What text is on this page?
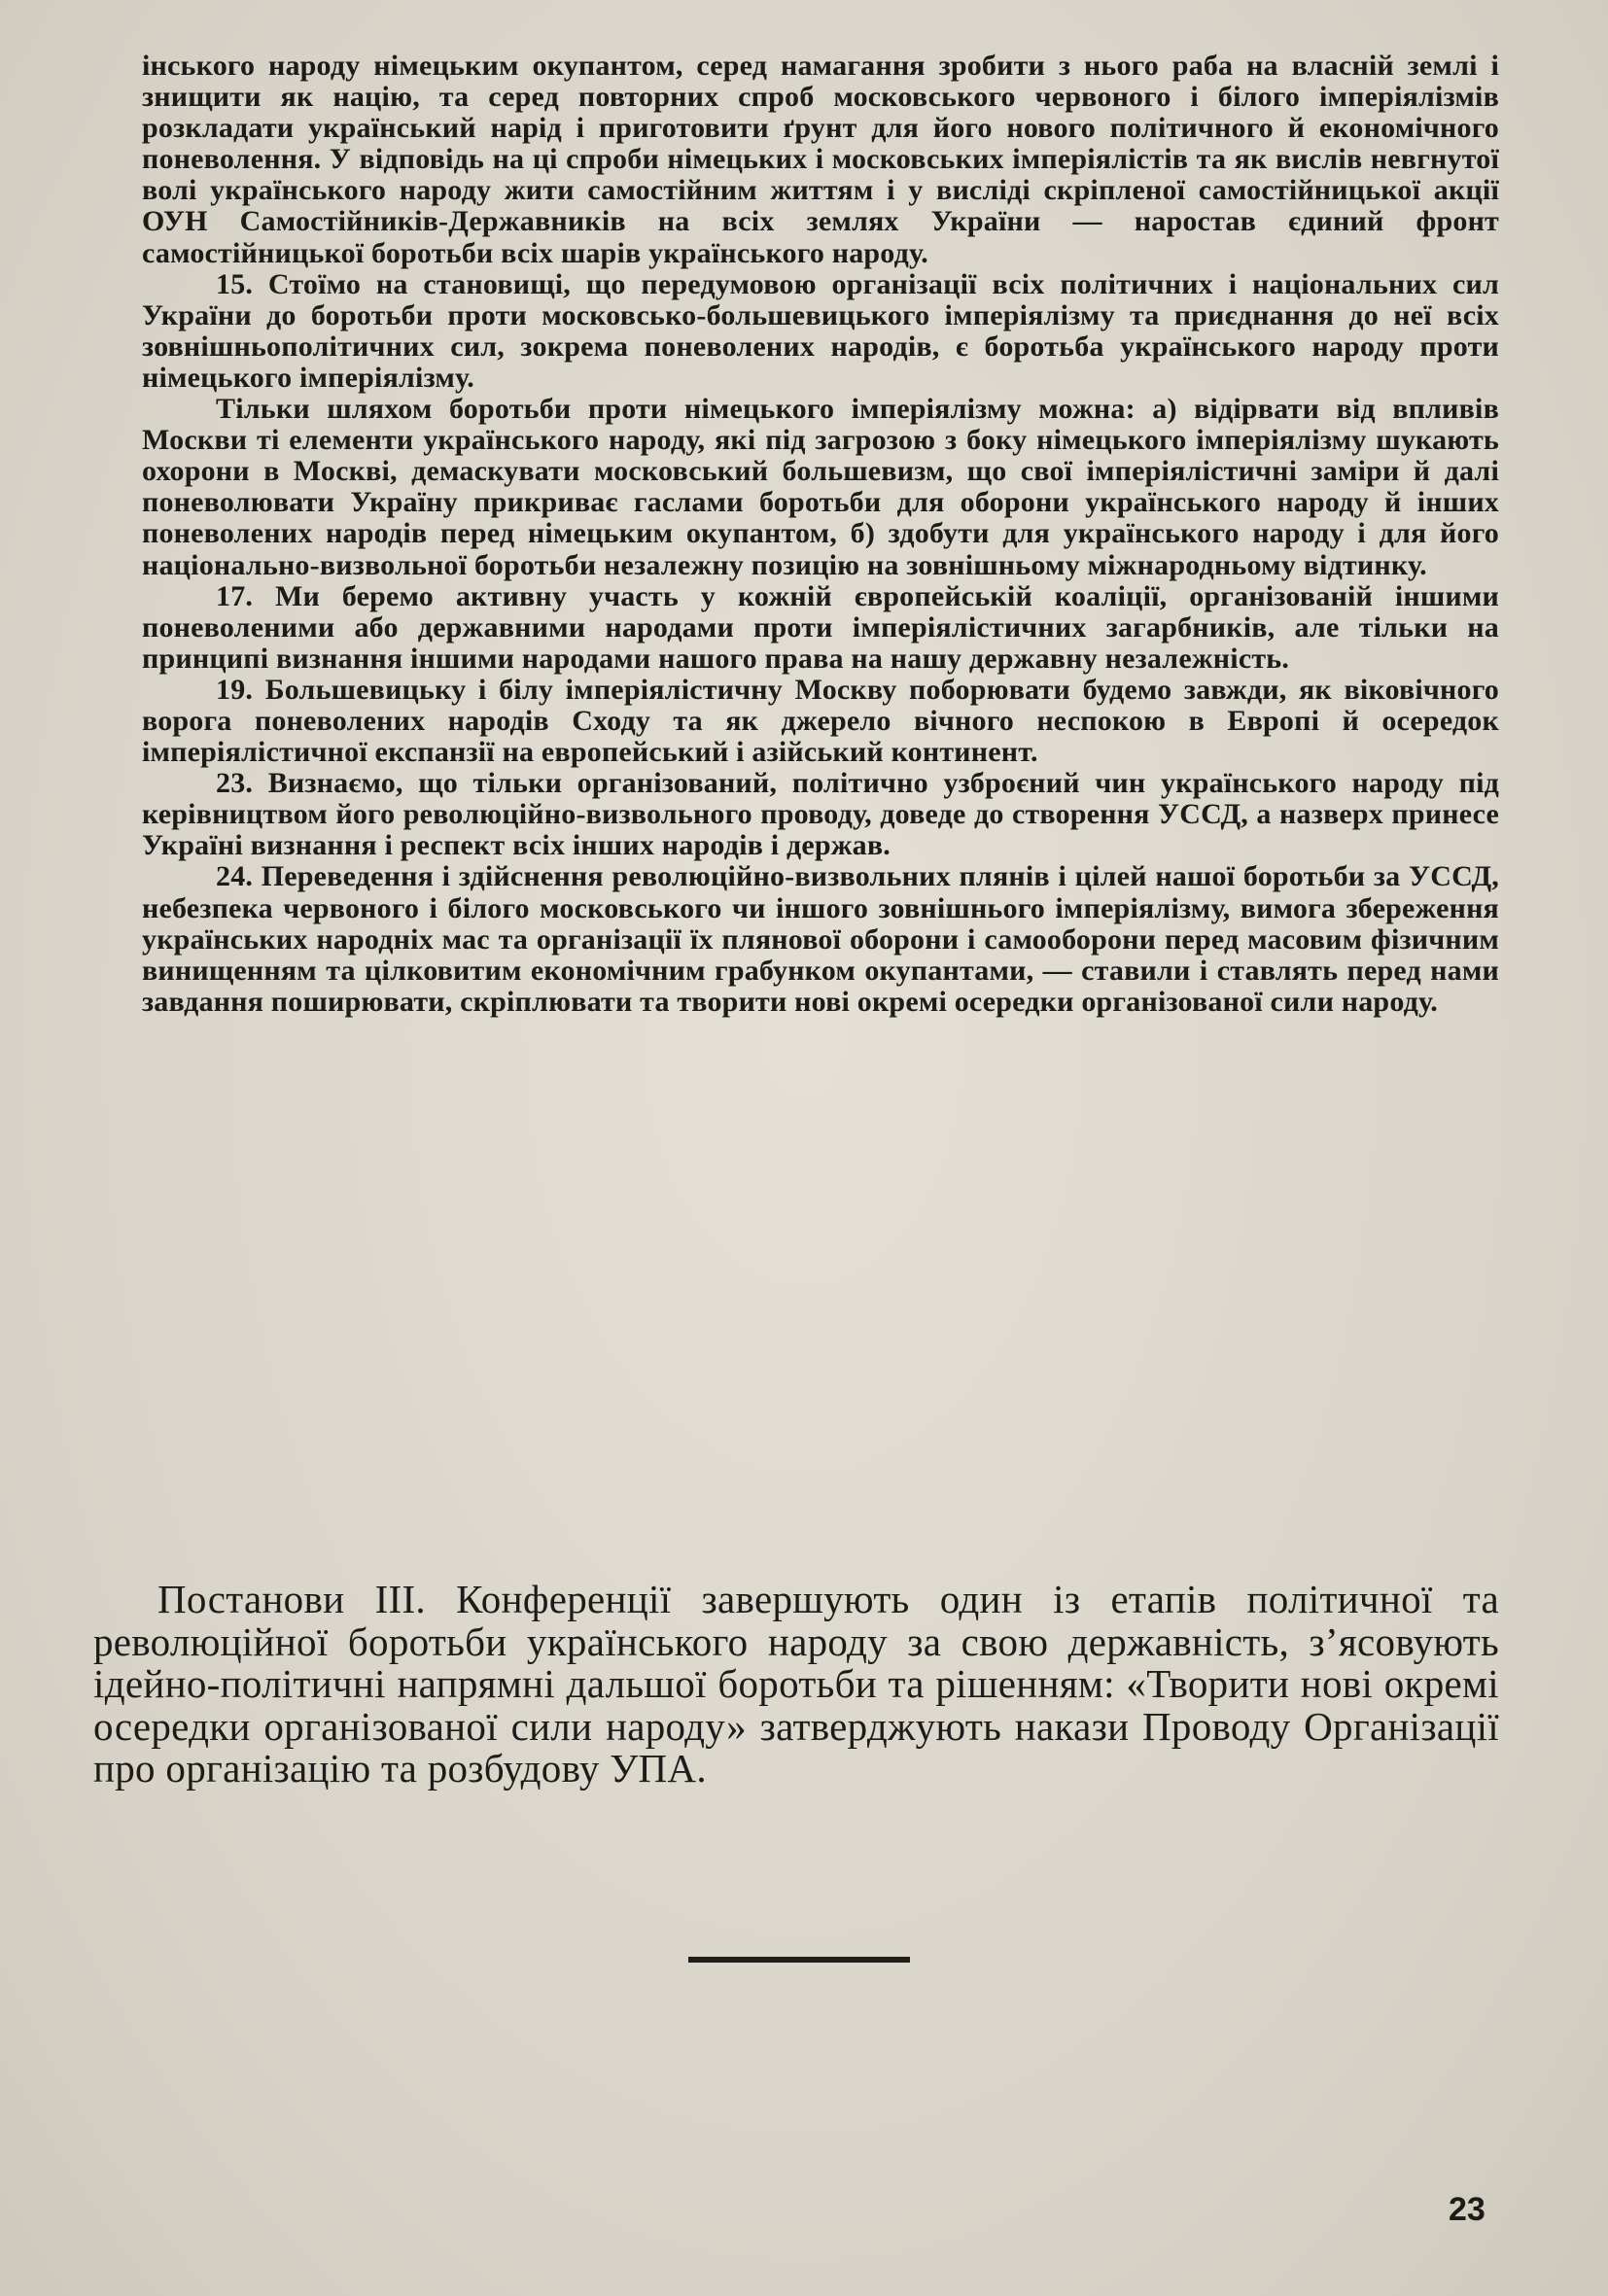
інського народу німецьким окупантом, серед намагання зробити з нього раба на власній землі і знищити як націю, та серед повторних спроб московського червоного і білого імперіялізмів розкладати український нарід і приготовити ґрунт для його нового політичного й економічного поневолення. У відповідь на ці спроби німецьких і московських імперіялістів та як вислів невгнутої волі українського народу жити самостійним життям і у висліді скріпленої самостійницької акції ОУН Самостійників-Державників на всіх землях України — наростав єдиний фронт самостійницької боротьби всіх шарів українського народу.

15. Стоїмо на становищі, що передумовою організації всіх політичних і національних сил України до боротьби проти московсько-большевицького імперіялізму та приєднання до неї всіх зовнішньополітичних сил, зокрема поневолених народів, є боротьба українського народу проти німецького імперіялізму.

Тільки шляхом боротьби проти німецького імперіялізму можна: а) відірвати від впливів Москви ті елементи українського народу, які під загрозою з боку німецького імперіялізму шукають охорони в Москві, демаскувати московський большевизм, що свої імперіялістичні заміри й далі поневолювати Україну прикриває гаслами боротьби для оборони українського народу й інших поневолених народів перед німецьким окупантом, б) здобути для українського народу і для його національно-визвольної боротьби незалежну позицію на зовнішньому міжнародньому відтинку.

17. Ми беремо активну участь у кожній європейській коаліції, організованій іншими поневоленими або державними народами проти імперіялістичних загарбників, але тільки на принципі визнання іншими народами нашого права на нашу державну незалежність.

19. Большевицьку і білу імперіялістичну Москву поборювати будемо завжди, як віковічного ворога поневолених народів Сходу та як джерело вічного неспокою в Европі й осередок імперіялістичної експанзії на европейський і азійський континент.

23. Визнаємо, що тільки організований, політично узброєний чин українського народу під керівництвом його революційно-визвольного проводу, доведе до створення УССД, а назверх принесе Україні визнання і респект всіх інших народів і держав.

24. Переведення і здійснення революційно-визвольних плянів і цілей нашої боротьби за УССД, небезпека червоного і білого московського чи іншого зовнішнього імперіялізму, вимога збереження українських народніх мас та організації їх плянової оборони і самооборони перед масовим фізичним винищенням та цілковитим економічним грабунком окупантами, — ставили і ставлять перед нами завдання поширювати, скріплювати та творити нові окремі осередки організованої сили народу.

Постанови III. Конференції завершують один із етапів політичної та революційної боротьби українського народу за свою державність, з’ясовують ідейно-політичні напрямні дальшої боротьби та рішенням: «Творити нові окремі осередки організованої сили народу» затверджують накази Проводу Організації про організацію та розбудову УПА.

23
